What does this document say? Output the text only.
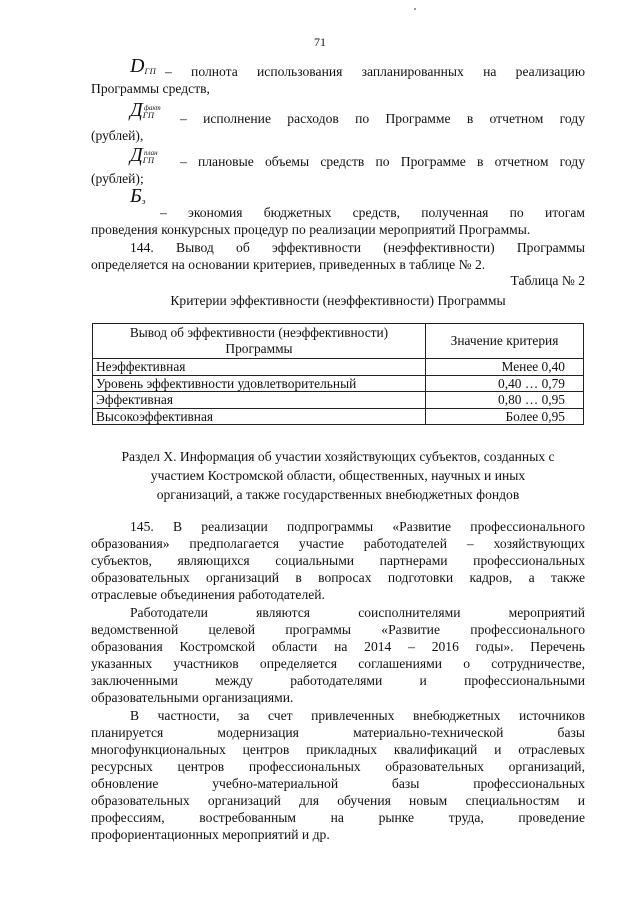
71
DГП – полнота использования запланированных на реализацию
Программы средств,
ДГП
факт
– исполнение расходов по Программе в отчетном году
(рублей),
ДГП
план
– плановые объемы средств по Программе в отчетном году
(рублей);
Бэ
– экономия бюджетных средств, полученная по итогам
проведения конкурсных процедур по реализации мероприятий Программы.
144. Вывод об эффективности (неэффективности) Программы
определяется на основании критериев, приведенных в таблице № 2.
Таблица № 2
Критерии эффективности (неэффективности) Программы
Вывод об эффективности (неэффективности) Программы	Значение критерия
Неэффективная	Менее 0,40
Уровень эффективности удовлетворительный	0,40 … 0,79
Эффективная	0,80 … 0,95
Высокоэффективная	Более 0,95
Раздел X. Информация об участии хозяйствующих субъектов, созданных с
участием Костромской области, общественных, научных и иных
организаций, а также государственных внебюджетных фондов
145. В реализации подпрограммы «Развитие профессионального
образования» предполагается участие работодателей – хозяйствующих
субъектов, являющихся социальными партнерами профессиональных
образовательных организаций в вопросах подготовки кадров, а также
отраслевые объединения работодателей.
Работодатели являются соисполнителями мероприятий
ведомственной целевой программы «Развитие профессионального
образования Костромской области на 2014 – 2016 годы». Перечень
указанных участников определяется соглашениями о сотрудничестве,
заключенными между работодателями и профессиональными
образовательными организациями.
В частности, за счет привлеченных внебюджетных источников
планируется модернизация материально-технической базы
многофункциональных центров прикладных квалификаций и отраслевых
ресурсных центров профессиональных образовательных организаций,
обновление учебно-материальной базы профессиональных
образовательных организаций для обучения новым специальностям и
профессиям, востребованным на рынке труда, проведение
профориентационных мероприятий и др.
